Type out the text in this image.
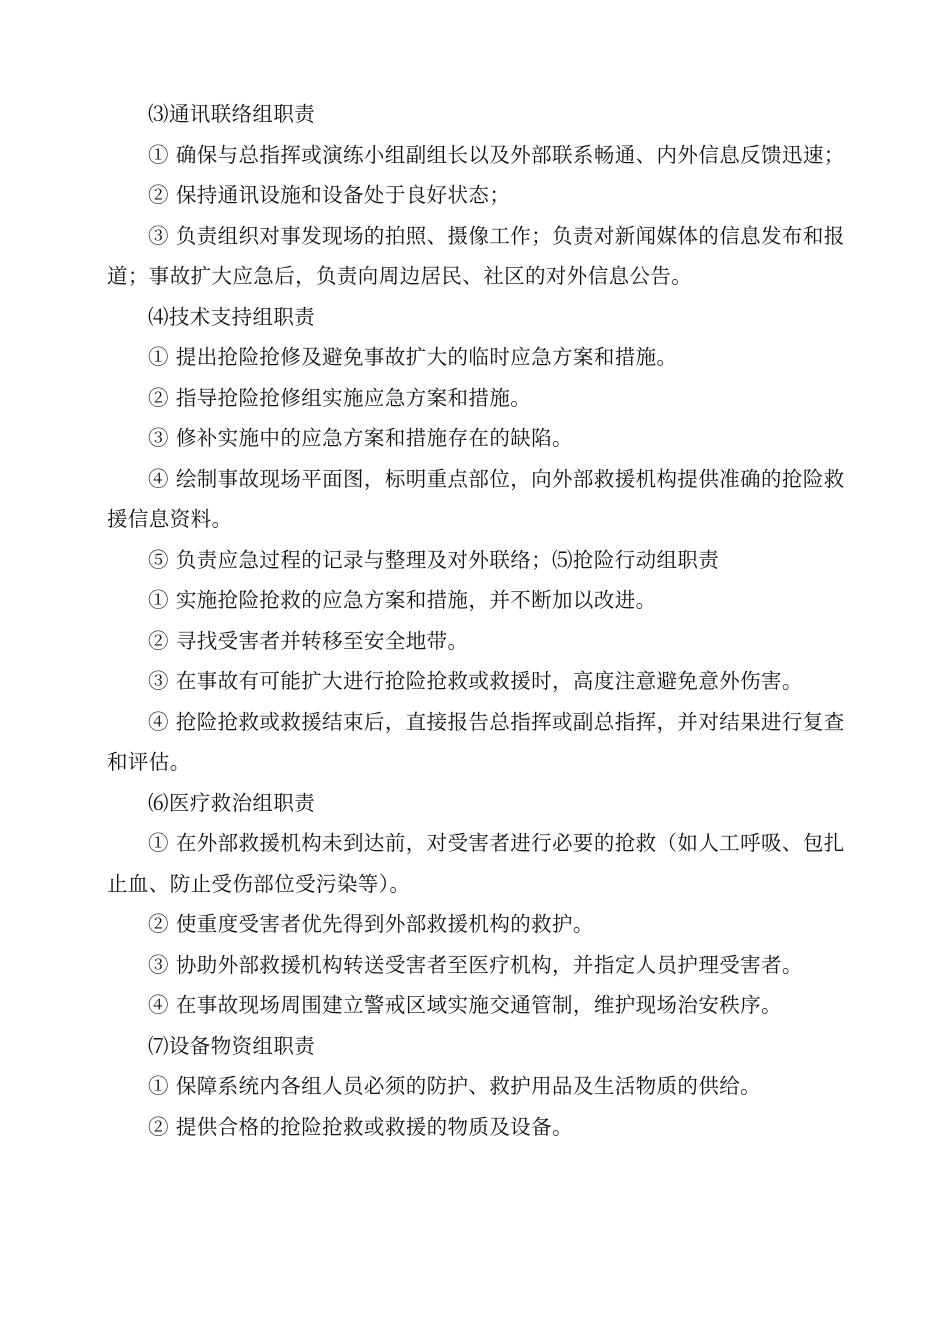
⑶通讯联络组职责

① 确保与总指挥或演练小组副组长以及外部联系畅通、内外信息反馈迅速；

② 保持通讯设施和设备处于良好状态；

③ 负责组织对事发现场的拍照、摄像工作；负责对新闻媒体的信息发布和报道；事故扩大应急后，负责向周边居民、社区的对外信息公告。

⑷技术支持组职责

① 提出抢险抢修及避免事故扩大的临时应急方案和措施。

② 指导抢险抢修组实施应急方案和措施。

③ 修补实施中的应急方案和措施存在的缺陷。

④ 绘制事故现场平面图，标明重点部位，向外部救援机构提供准确的抢险救援信息资料。

⑤ 负责应急过程的记录与整理及对外联络；⑸抢险行动组职责

① 实施抢险抢救的应急方案和措施，并不断加以改进。

② 寻找受害者并转移至安全地带。

③ 在事故有可能扩大进行抢险抢救或救援时，高度注意避免意外伤害。

④ 抢险抢救或救援结束后，直接报告总指挥或副总指挥，并对结果进行复查和评估。

⑹医疗救治组职责

① 在外部救援机构未到达前，对受害者进行必要的抢救（如人工呼吸、包扎止血、防止受伤部位受污染等）。

② 使重度受害者优先得到外部救援机构的救护。

③ 协助外部救援机构转送受害者至医疗机构，并指定人员护理受害者。

④ 在事故现场周围建立警戒区域实施交通管制，维护现场治安秩序。

⑺设备物资组职责

① 保障系统内各组人员必须的防护、救护用品及生活物质的供给。

② 提供合格的抢险抢救或救援的物质及设备。
